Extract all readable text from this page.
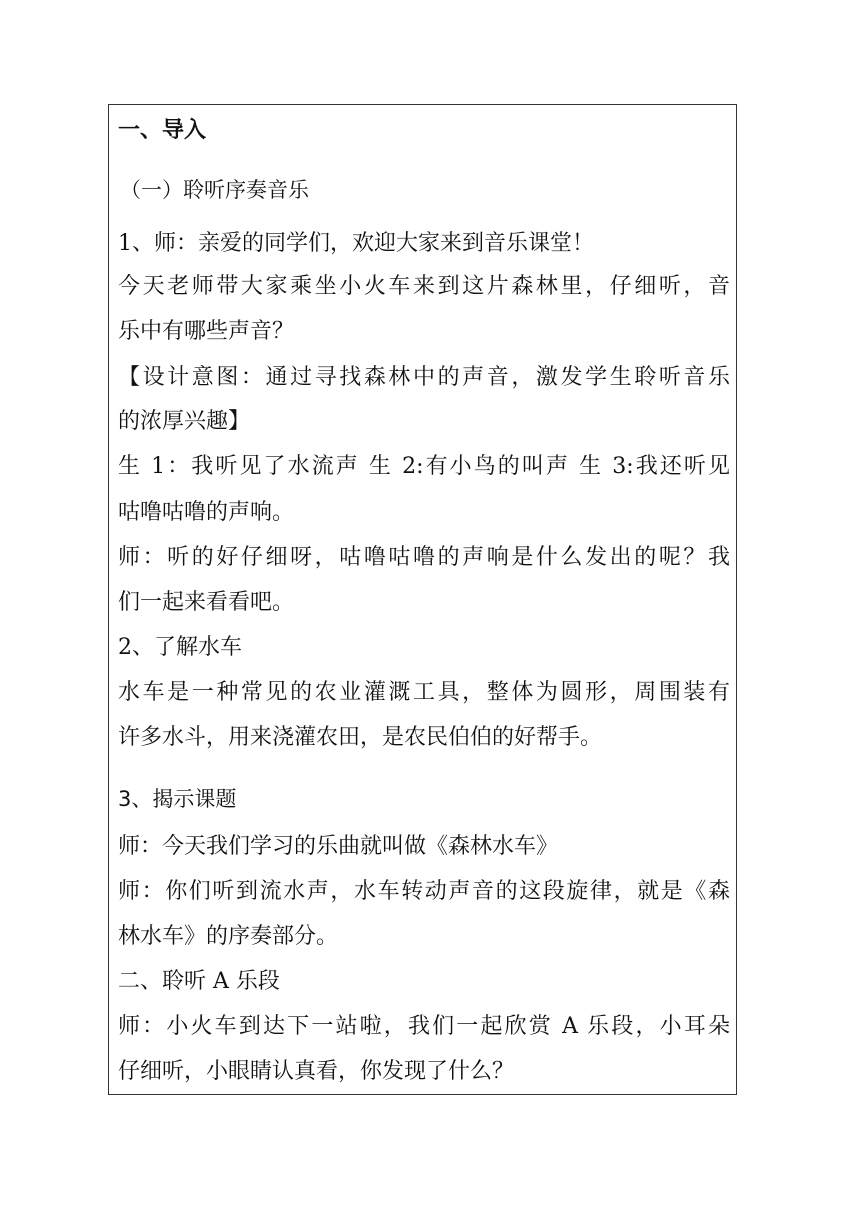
一、导入
（一）聆听序奏音乐
1、师：亲爱的同学们，欢迎大家来到音乐课堂！
今天老师带大家乘坐小火车来到这片森林里，仔细听，音
乐中有哪些声音？
【设计意图：通过寻找森林中的声音，激发学生聆听音乐
的浓厚兴趣】
生 1：我听见了水流声 生 2:有小鸟的叫声 生 3:我还听见
咕噜咕噜的声响。
师：听的好仔细呀，咕噜咕噜的声响是什么发出的呢？我
们一起来看看吧。
2、了解水车
水车是一种常见的农业灌溉工具，整体为圆形，周围装有
许多水斗，用来浇灌农田，是农民伯伯的好帮手。
3、揭示课题
师：今天我们学习的乐曲就叫做《森林水车》
师：你们听到流水声，水车转动声音的这段旋律，就是《森
林水车》的序奏部分。
二、聆听 A 乐段
师：小火车到达下一站啦，我们一起欣赏 A 乐段，小耳朵
仔细听，小眼睛认真看，你发现了什么？
